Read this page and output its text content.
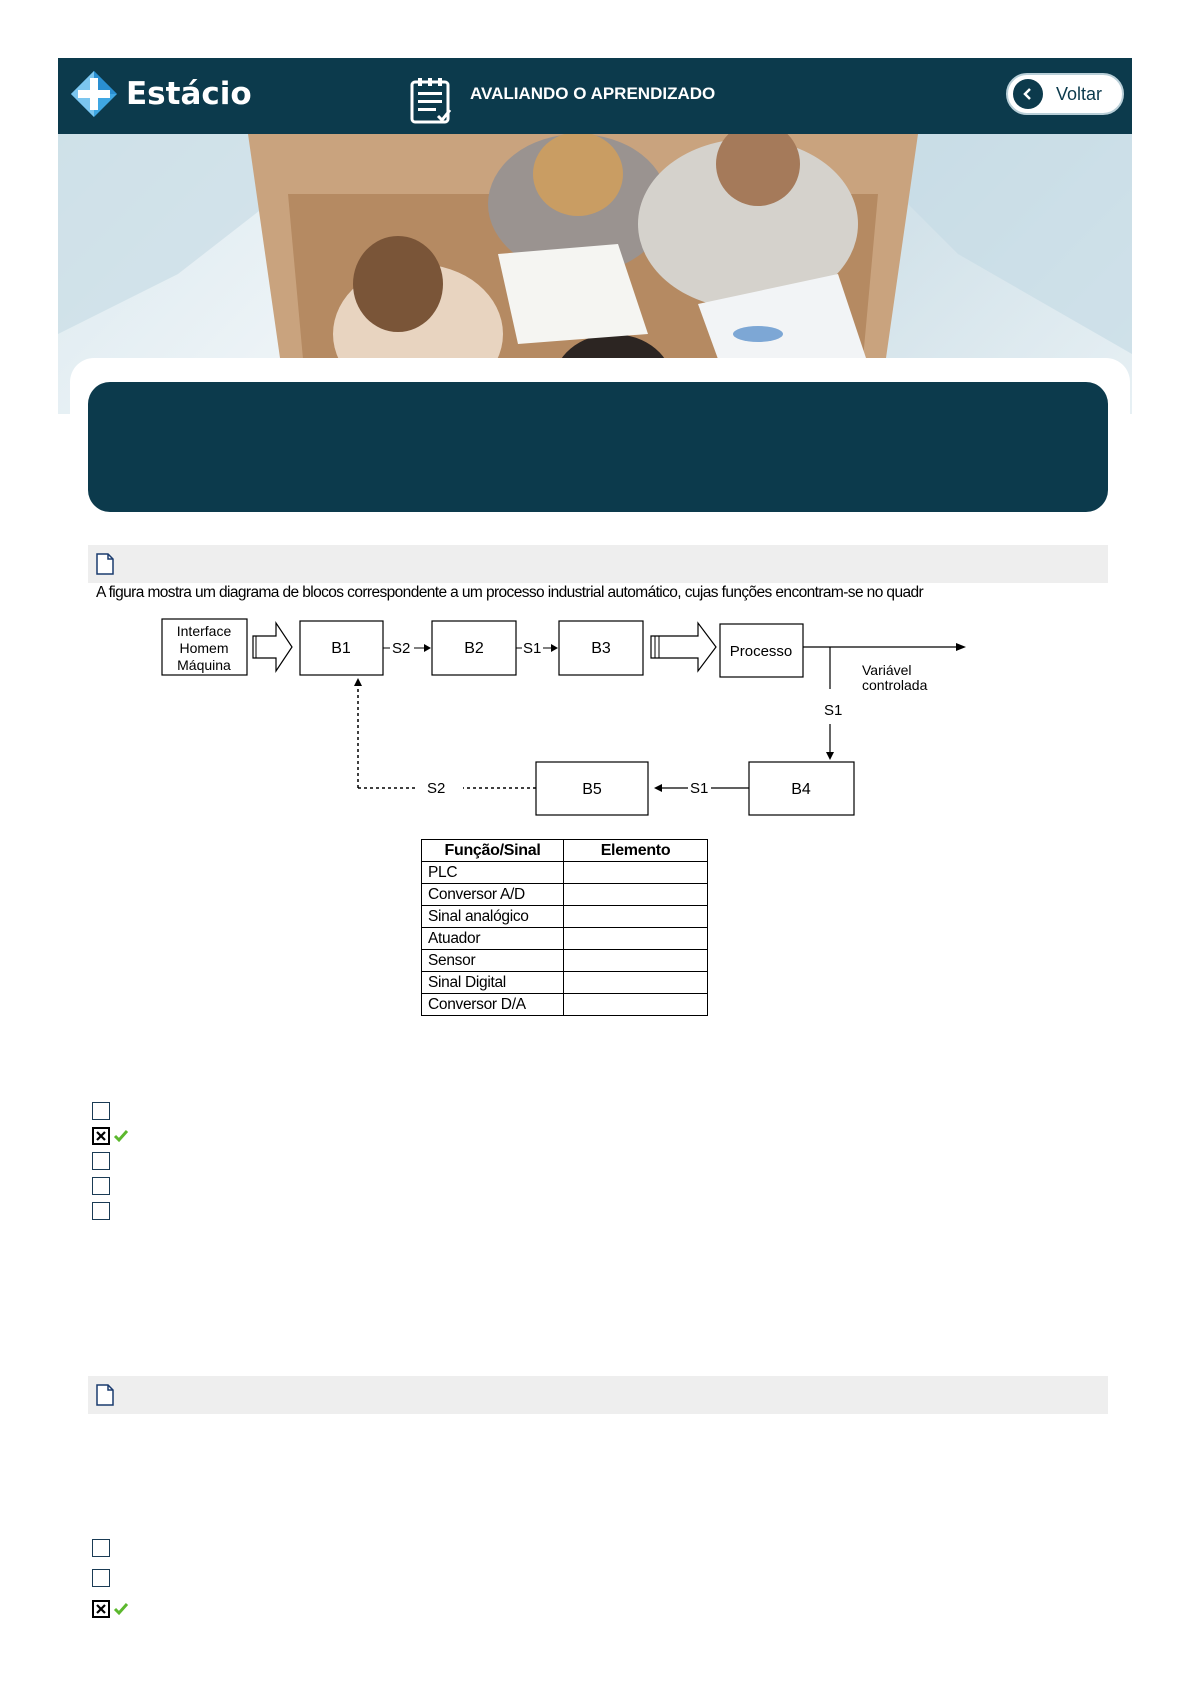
Estácio	AVALIANDO O APRENDIZADO	Voltar
A figura mostra um diagrama de blocos correspondente a um processo industrial automático, cujas funções encontram-se no quadr
Interface
Homem
Máquina
B1	S2	B2	S1	B3	Processo
Variável
controlada
S1
B4
S1
B5
S2
Função/Sinal	Elemento
PLC	
Conversor A/D	
Sinal analógico	
Atuador	
Sensor	
Sinal Digital	
Conversor D/A	
